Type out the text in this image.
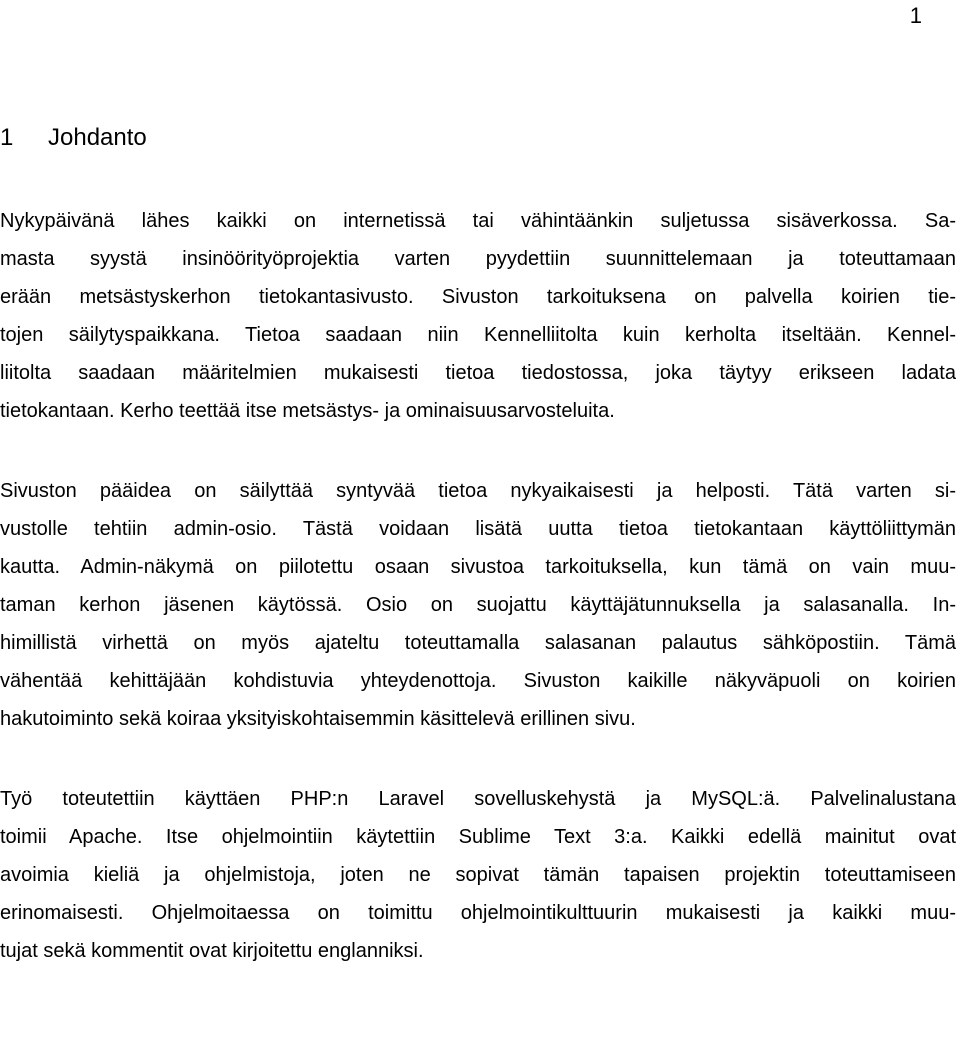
1
1 Johdanto

Nykypäivänä lähes kaikki on internetissä tai vähintäänkin suljetussa sisäverkossa. Sa-
masta syystä insinöörityöprojektia varten pyydettiin suunnittelemaan ja toteuttamaan
erään metsästyskerhon tietokantasivusto. Sivuston tarkoituksena on palvella koirien tie-
tojen säilytyspaikkana. Tietoa saadaan niin Kennelliitolta kuin kerholta itseltään. Kennel-
liitolta saadaan määritelmien mukaisesti tietoa tiedostossa, joka täytyy erikseen ladata
tietokantaan. Kerho teettää itse metsästys- ja ominaisuusarvosteluita.

Sivuston pääidea on säilyttää syntyvää tietoa nykyaikaisesti ja helposti. Tätä varten si-
vustolle tehtiin admin-osio. Tästä voidaan lisätä uutta tietoa tietokantaan käyttöliittymän
kautta. Admin-näkymä on piilotettu osaan sivustoa tarkoituksella, kun tämä on vain muu-
taman kerhon jäsenen käytössä. Osio on suojattu käyttäjätunnuksella ja salasanalla. In-
himillistä virhettä on myös ajateltu toteuttamalla salasanan palautus sähköpostiin. Tämä
vähentää kehittäjään kohdistuvia yhteydenottoja. Sivuston kaikille näkyväpuoli on koirien
hakutoiminto sekä koiraa yksityiskohtaisemmin käsittelevä erillinen sivu.

Työ toteutettiin käyttäen PHP:n Laravel sovelluskehystä ja MySQL:ä. Palvelinalustana
toimii Apache. Itse ohjelmointiin käytettiin Sublime Text 3:a. Kaikki edellä mainitut ovat
avoimia kieliä ja ohjelmistoja, joten ne sopivat tämän tapaisen projektin toteuttamiseen
erinomaisesti. Ohjelmoitaessa on toimittu ohjelmointikulttuurin mukaisesti ja kaikki muu-
tujat sekä kommentit ovat kirjoitettu englanniksi.
